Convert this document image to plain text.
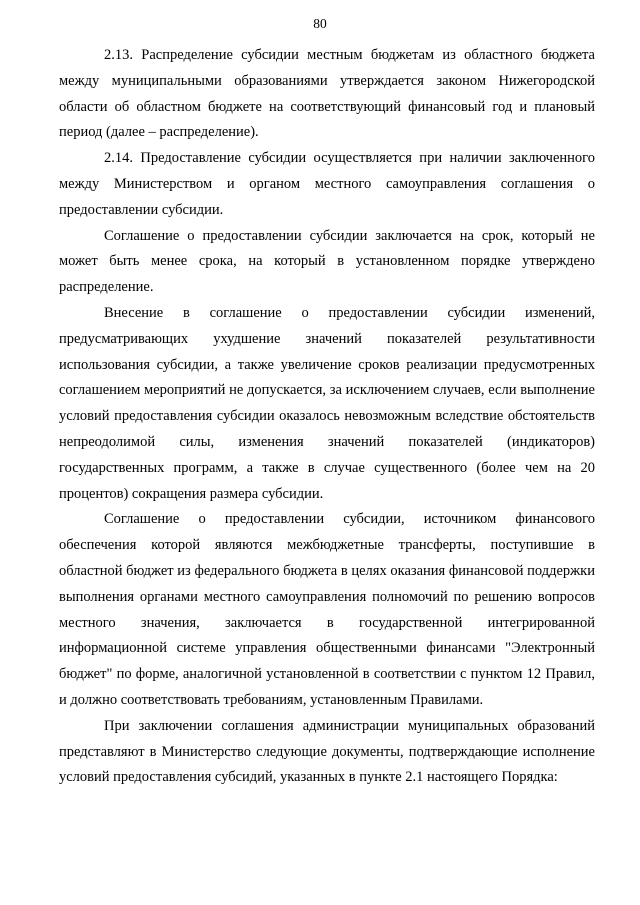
80

2.13. Распределение субсидии местным бюджетам из областного бюджета между муниципальными образованиями утверждается законом Нижегородской области об областном бюджете на соответствующий финансовый год и плановый период (далее – распределение).

2.14. Предоставление субсидии осуществляется при наличии заключенного между Министерством и органом местного самоуправления соглашения о предоставлении субсидии.

Соглашение о предоставлении субсидии заключается на срок, который не может быть менее срока, на который в установленном порядке утверждено распределение.

Внесение в соглашение о предоставлении субсидии изменений, предусматривающих ухудшение значений показателей результативности использования субсидии, а также увеличение сроков реализации предусмотренных соглашением мероприятий не допускается, за исключением случаев, если выполнение условий предоставления субсидии оказалось невозможным вследствие обстоятельств непреодолимой силы, изменения значений показателей (индикаторов) государственных программ, а также в случае существенного (более чем на 20 процентов) сокращения размера субсидии.

Соглашение о предоставлении субсидии, источником финансового обеспечения которой являются межбюджетные трансферты, поступившие в областной бюджет из федерального бюджета в целях оказания финансовой поддержки выполнения органами местного самоуправления полномочий по решению вопросов местного значения, заключается в государственной интегрированной информационной системе управления общественными финансами "Электронный бюджет" по форме, аналогичной установленной в соответствии с пунктом 12 Правил, и должно соответствовать требованиям, установленным Правилами.

При заключении соглашения администрации муниципальных образований представляют в Министерство следующие документы, подтверждающие исполнение условий предоставления субсидий, указанных в пункте 2.1 настоящего Порядка:
